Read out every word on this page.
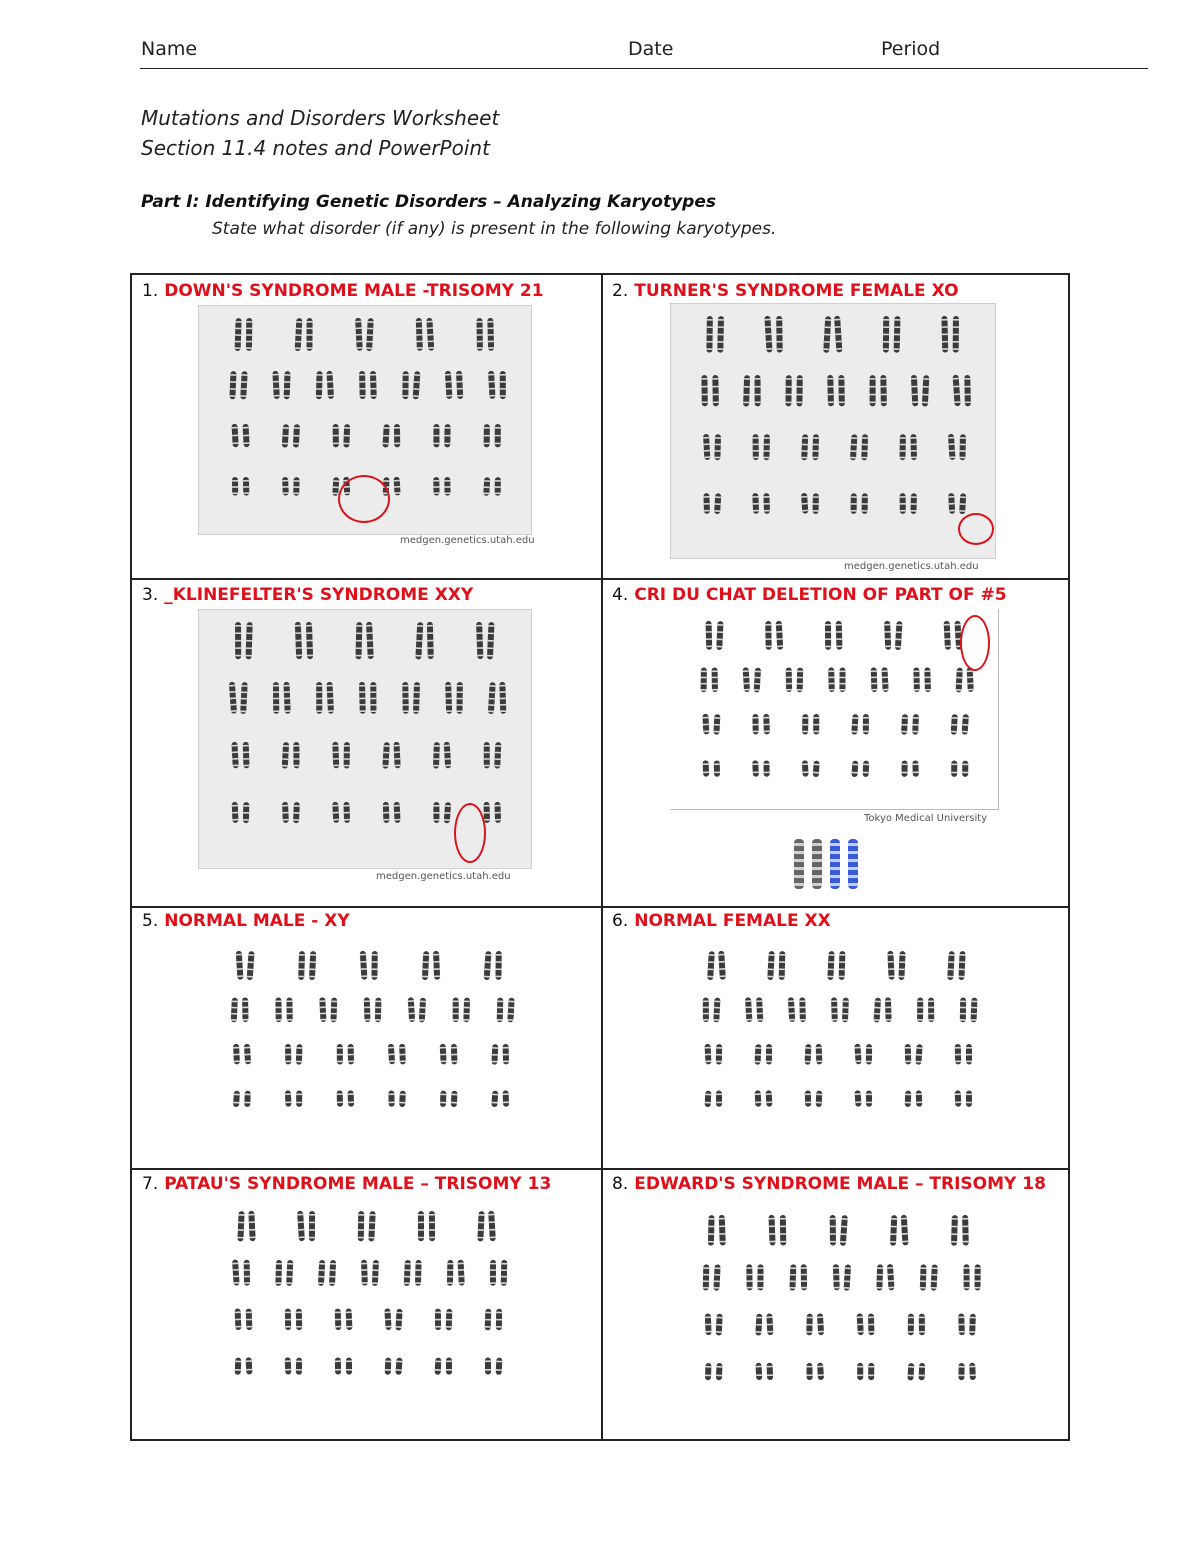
Name	Date	Period
Mutations and Disorders Worksheet
Section 11.4 notes and PowerPoint
Part I: Identifying Genetic Disorders – Analyzing Karyotypes
State what disorder (if any) is present in the following karyotypes.
1. DOWN'S SYNDROME MALE -TRISOMY 21
medgen.genetics.utah.edu
2. TURNER'S SYNDROME FEMALE XO
medgen.genetics.utah.edu
3. _KLINEFELTER'S SYNDROME XXY
medgen.genetics.utah.edu
4. CRI DU CHAT DELETION OF PART OF #5
Tokyo Medical University
5. NORMAL MALE - XY	6. NORMAL FEMALE XX
7. PATAU'S SYNDROME MALE – TRISOMY 13	8. EDWARD'S SYNDROME MALE – TRISOMY 18
